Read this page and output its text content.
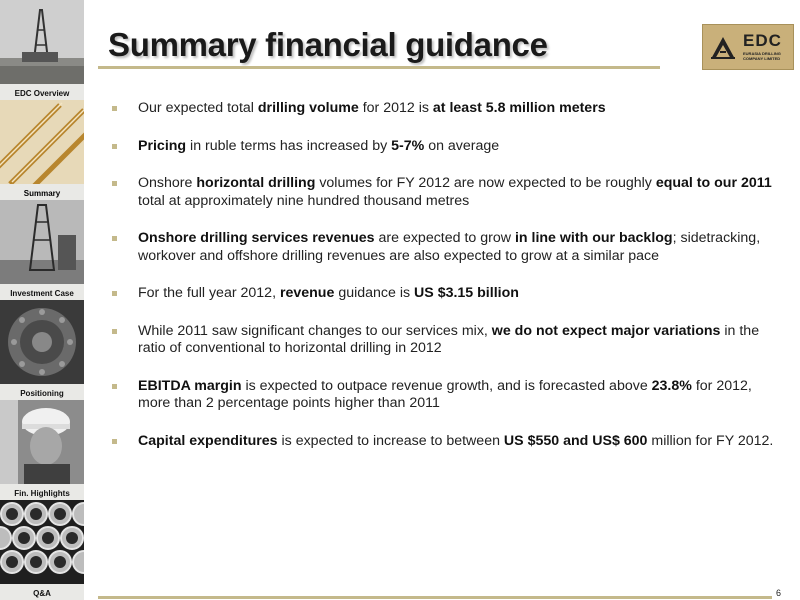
EDC Overview
Summary
Investment Case
Positioning
Fin. Highlights
Q&A
Summary financial guidance	EDC
EURASIA DRILLING COMPANY LIMITED
Our expected total drilling volume for 2012 is at least 5.8 million meters
Pricing in ruble terms has increased by 5-7% on average
Onshore horizontal drilling volumes for FY 2012 are now expected to be roughly equal to our 2011 total at approximately nine hundred thousand metres
Onshore drilling services revenues are expected to grow in line with our backlog; sidetracking, workover and offshore drilling revenues are also expected to grow at a similar pace
For the full year 2012, revenue guidance is US $3.15 billion
While 2011 saw significant changes to our services mix, we do not expect major variations in the ratio of conventional to horizontal drilling in 2012
EBITDA margin is expected to outpace revenue growth, and is forecasted above 23.8% for 2012, more than 2 percentage points higher than 2011
Capital expenditures is expected to increase to between US $550 and US$ 600 million for FY 2012.
6
